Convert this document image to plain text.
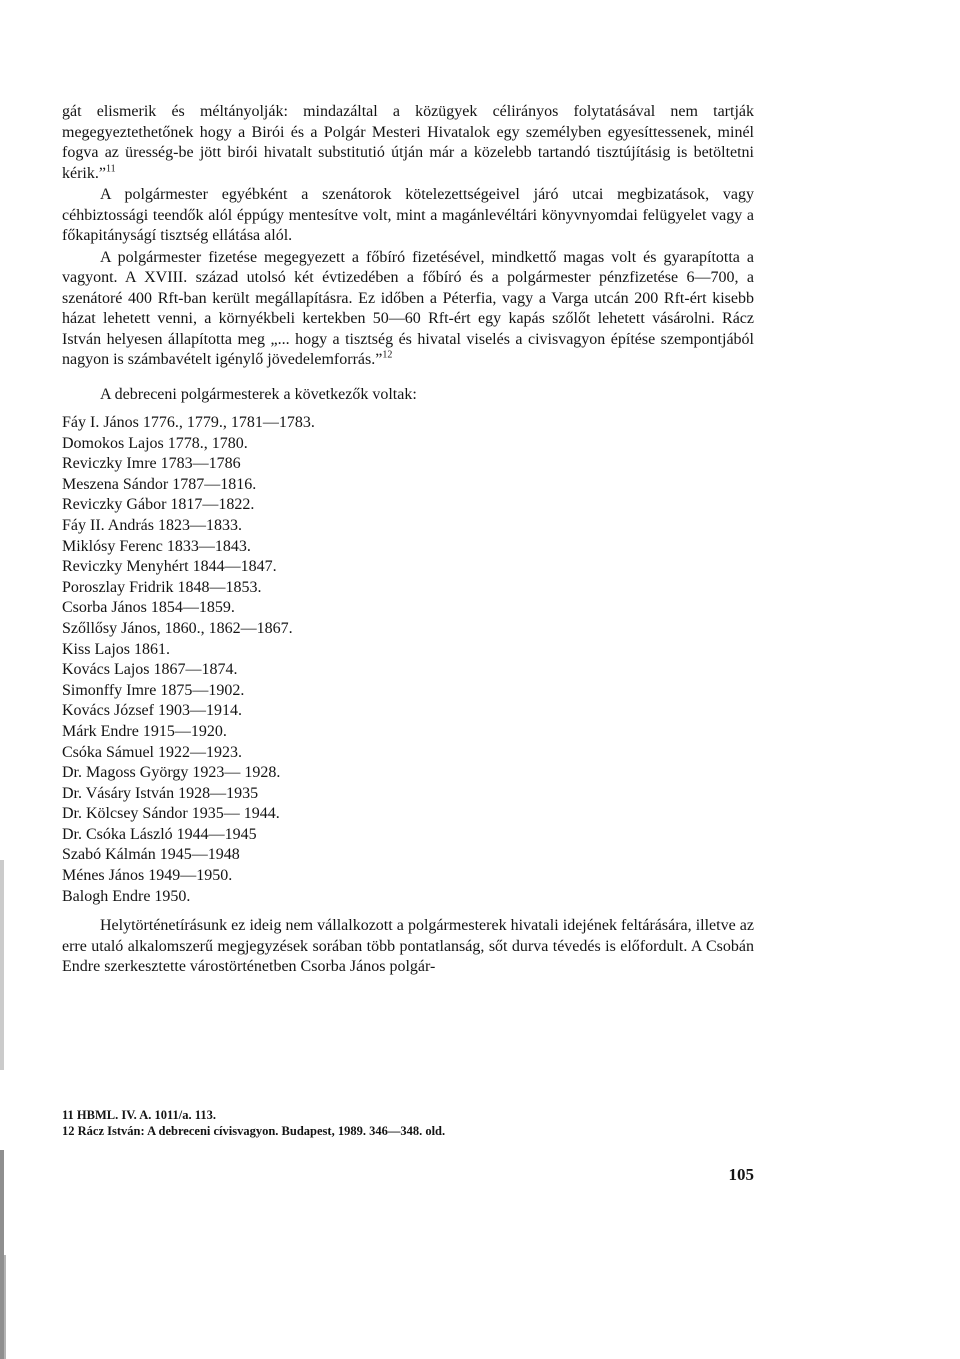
gát elismerik és méltányolják: mindazáltal a közügyek célirányos folytatásával nem tartják megegyeztethetőnek hogy a Birói és a Polgár Mesteri Hivatalok egy személyben egyesíttessenek, minél fogva az üresség-be jött birói hivatalt substitutió útján már a közelebb tartandó tisztújításig is betöltetni kérik.”$^{11}$

A polgármester egyébként a szenátorok kötelezettségeivel járó utcai megbizatások, vagy céhbiztossági teendők alól éppúgy mentesítve volt, mint a magánlevéltári könyvnyomdai felügyelet vagy a főkapitányságí tisztség ellátása alól.

A polgármester fizetése megegyezett a főbíró fizetésével, mindkettő magas volt és gyarapította a vagyont. A XVIII. század utolsó két évtizedében a főbíró és a polgármester pénzfizetése 6—700, a szenátoré 400 Rft-ban került megállapításra. Ez időben a Péterfia, vagy a Varga utcán 200 Rft-ért kisebb házat lehetett venni, a környékbeli kertekben 50—60 Rft-ért egy kapás szőlőt lehetett vásárolni. Rácz István helyesen állapította meg „... hogy a tisztség és hivatal viselés a civisvagyon építése szempontjából nagyon is számbavételt igénylő jövedelemforrás.”$^{12}$

A debreceni polgármesterek a következők voltak:

Fáy I. János 1776., 1779., 1781—1783.
Domokos Lajos 1778., 1780.
Reviczky Imre 1783—1786
Meszena Sándor 1787—1816.
Reviczky Gábor 1817—1822.
Fáy II. András 1823—1833.
Miklósy Ferenc 1833—1843.
Reviczky Menyhért 1844—1847.
Poroszlay Fridrik 1848—1853.
Csorba János 1854—1859.
Szőllősy János, 1860., 1862—1867.
Kiss Lajos 1861.
Kovács Lajos 1867—1874.
Simonffy Imre 1875—1902.
Kovács József 1903—1914.
Márk Endre 1915—1920.
Csóka Sámuel 1922—1923.
Dr. Magoss György 1923— 1928.
Dr. Vásáry István 1928—1935
Dr. Kölcsey Sándor 1935— 1944.
Dr. Csóka László 1944—1945
Szabó Kálmán 1945—1948
Ménes János 1949—1950.
Balogh Endre 1950.

Helytörténetírásunk ez ideig nem vállalkozott a polgármesterek hivatali idejének feltárására, illetve az erre utaló alkalomszerű megjegyzések sorában több pontatlanság, sőt durva tévedés is előfordult. A Csobán Endre szerkesztette várostörténetben Csorba János polgár-

11 HBML. IV. A. 1011/a. 113.

12 Rácz István: A debreceni cívisvagyon. Budapest, 1989. 346—348. old.

105
